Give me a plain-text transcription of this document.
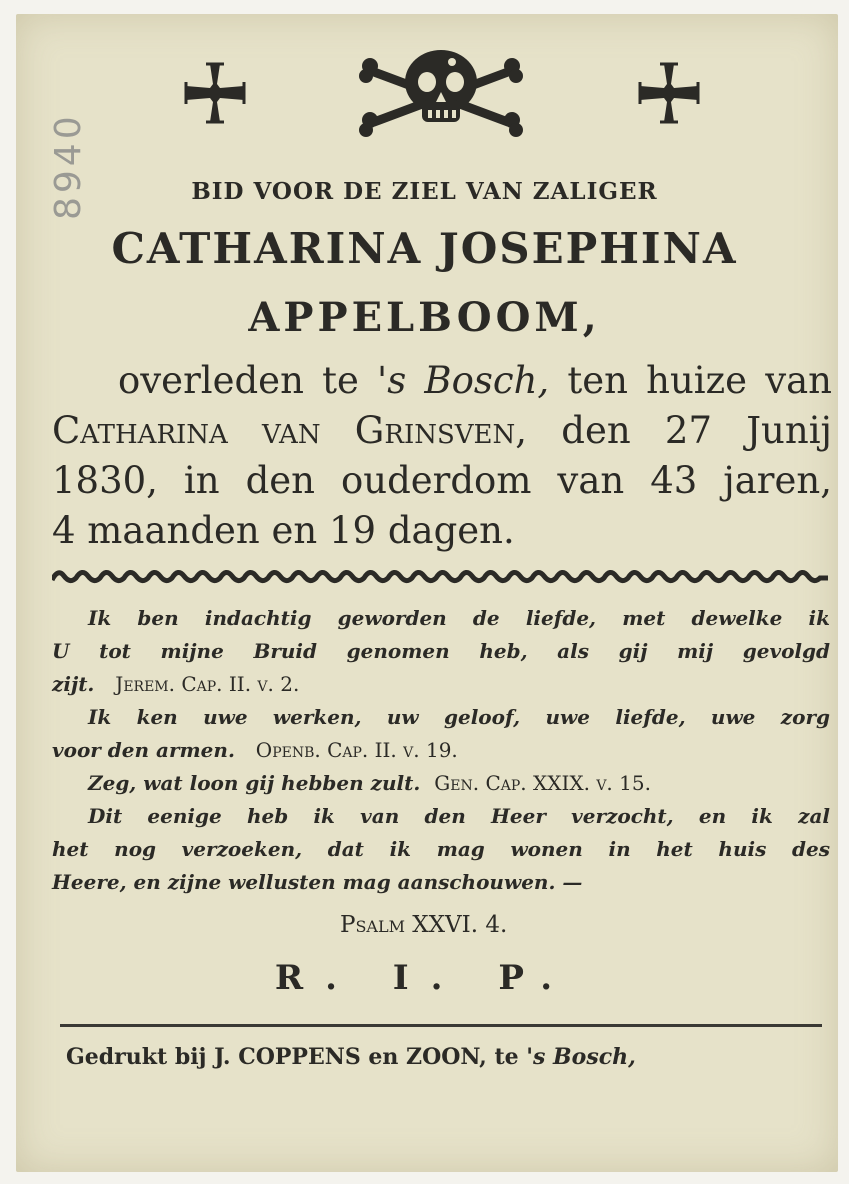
8940	BID VOOR DE ZIEL VAN ZALIGER
CATHARINA JOSEPHINA
APPELBOOM,

overleden te 's Bosch, ten huize van

Catharina van Grinsven, den 27 Junij

1830, in den ouderdom van 43 jaren,

4 maanden en 19 dagen.

Ik ben indachtig geworden de liefde, met dewelke ik

U tot mijne Bruid genomen heb, als gij mij gevolgd

zijt. Jerem. Cap. II. v. 2.

Ik ken uwe werken, uw geloof, uwe liefde, uwe zorg

voor den armen. Openb. Cap. II. v. 19.

Zeg, wat loon gij hebben zult. Gen. Cap. XXIX. v. 15.

Dit eenige heb ik van den Heer verzocht, en ik zal

het nog verzoeken, dat ik mag wonen in het huis des

Heere, en zijne wellusten mag aanschouwen. —

Psalm XXVI. 4.
R. I. P.
Gedrukt bij J. COPPENS en ZOON, te 's Bosch,
